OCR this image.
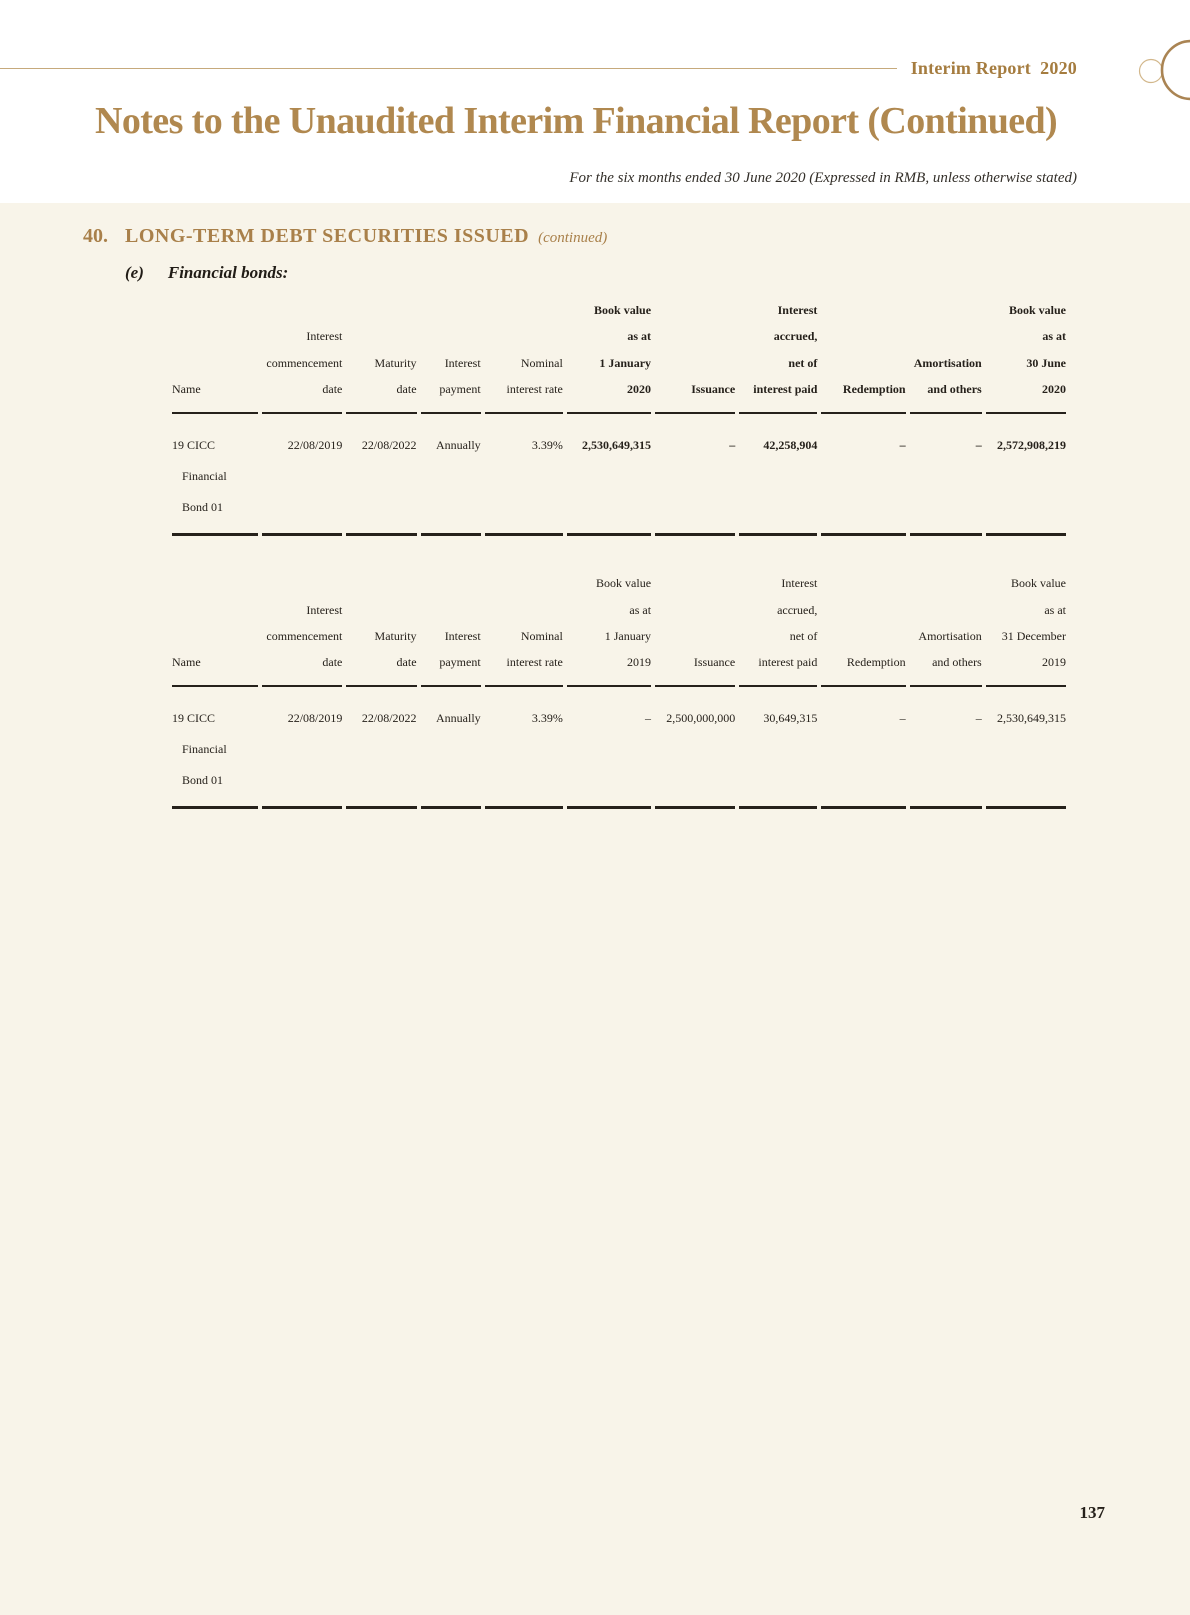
Interim Report 2020
Notes to the Unaudited Interim Financial Report (Continued)
For the six months ended 30 June 2020 (Expressed in RMB, unless otherwise stated)
40. LONG-TERM DEBT SECURITIES ISSUED (continued)
(e) Financial bonds:
Name	Interest
commencement
date	Maturity
date	Interest
payment	Nominal
interest rate	Book value
as at
1 January
2020	Issuance	Interest
accrued,
net of
interest paid	Redemption	Amortisation
and others	Book value
as at
30 June
2020

19 CICC
Financial
Bond 01	22/08/2019	22/08/2022	Annually	3.39%	2,530,649,315	–	42,258,904	–	–	2,572,908,219
Name	Interest
commencement
date	Maturity
date	Interest
payment	Nominal
interest rate	Book value
as at
1 January
2019	Issuance	Interest
accrued,
net of
interest paid	Redemption	Amortisation
and others	Book value
as at
31 December
2019

19 CICC
Financial
Bond 01	22/08/2019	22/08/2022	Annually	3.39%	–	2,500,000,000	30,649,315	–	–	2,530,649,315
137
